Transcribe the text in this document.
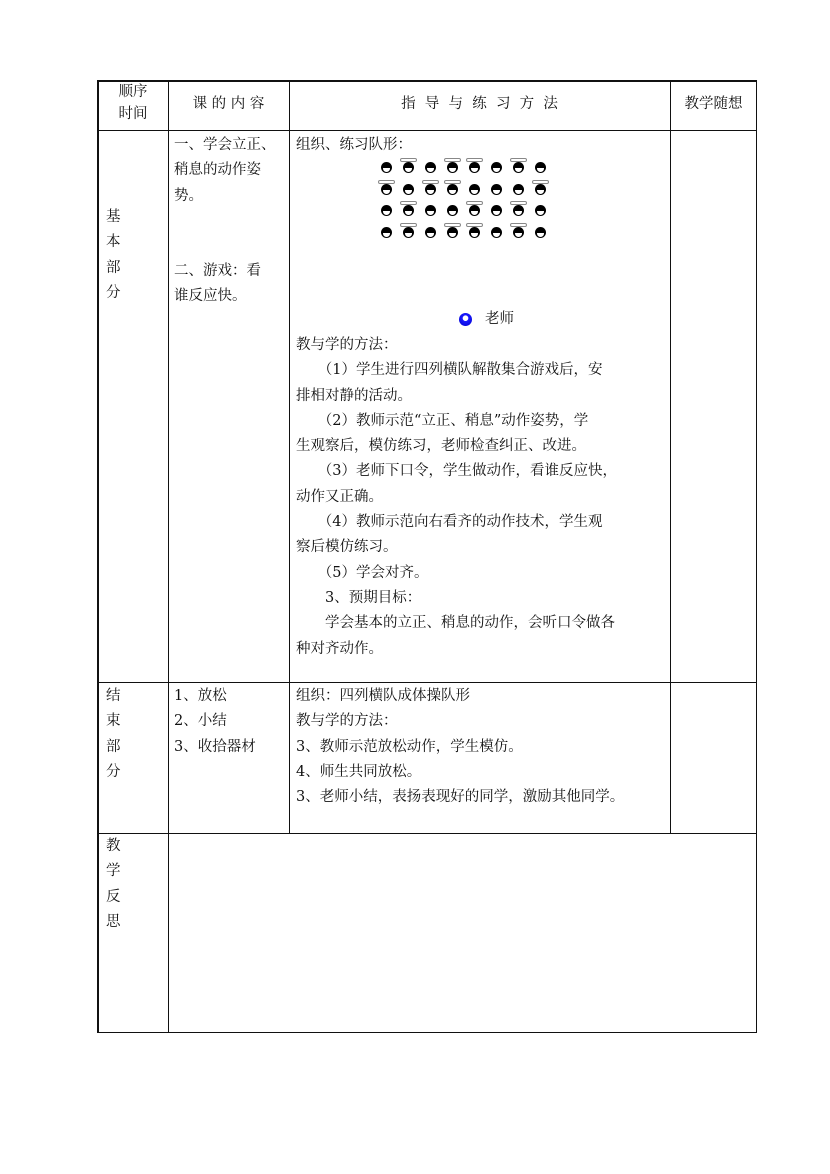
顺序
时间
课 的 内 容	指  导  与  练  习  方  法	教学随想
基
本
部
分
一、学会立正、
稍息的动作姿
势。
二、游戏：看
谁反应快。
组织、练习队形：
老师
教与学的方法：
　　（1）学生进行四列横队解散集合游戏后，安
排相对静的活动。
　　（2）教师示范“立正、稍息”动作姿势，学
生观察后，模仿练习，老师检查纠正、改进。
　　（3）老师下口令，学生做动作，看谁反应快，
动作又正确。
　　（4）教师示范向右看齐的动作技术，学生观
察后模仿练习。
　　（5）学会对齐。
　　3、预期目标：
　　学会基本的立正、稍息的动作，会听口令做各
种对齐动作。
结
束
部
分
1、放松
2、小结
3、收拾器材
组织：四列横队成体操队形
教与学的方法：
3、教师示范放松动作，学生模仿。
4、师生共同放松。
3、老师小结，表扬表现好的同学，激励其他同学。
教
学
反
思
